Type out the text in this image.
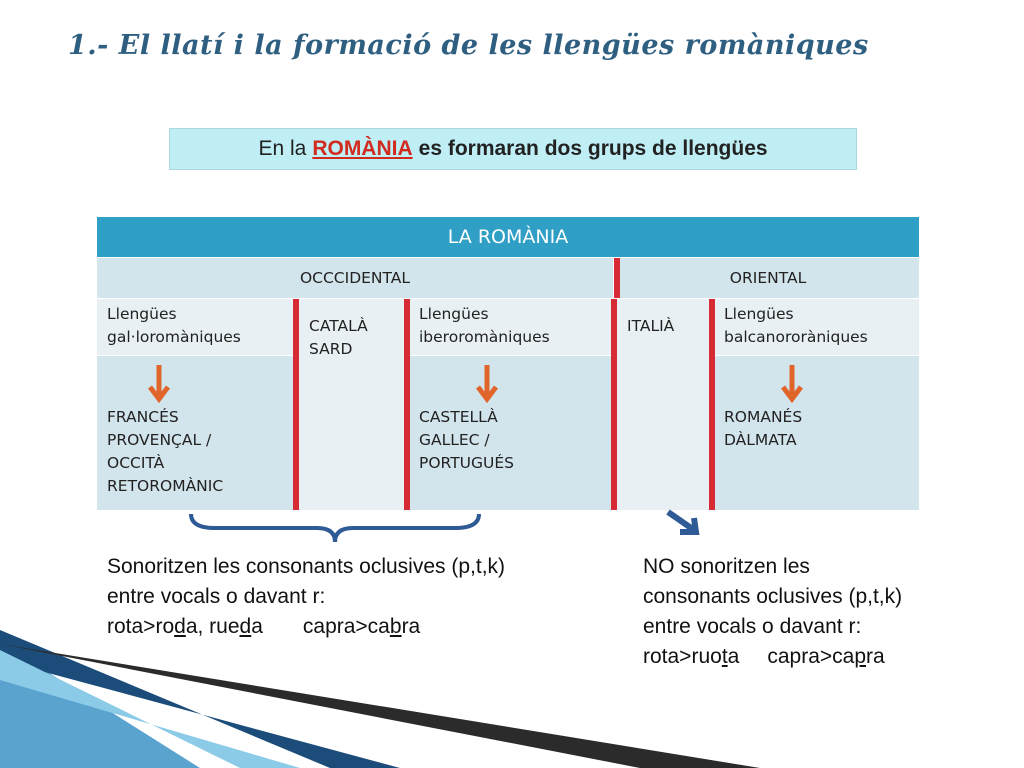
1.- El llatí i la formació de les llengües romàniques
En la ROMÀNIA es formaran dos grups de llengües
LA ROMÀNIA
OCCCIDENTAL	ORIENTAL
Llengües
gal·loromàniques
Llengües
iberoromàniques
Llengües
balcanororàniques
CATALÀ
SARD
ITALIÀ
FRANCÉS
PROVENÇAL /
OCCITÀ
RETOROMÀNIC
CASTELLÀ
GALLEC /
PORTUGUÉS
ROMANÉS
DÀLMATA
Sonoritzen les consonants oclusives (p,t,k)
entre vocals o davant r:
rota>roda, rueda capra>cabra
NO sonoritzen les
consonants oclusives (p,t,k)
entre vocals o davant r:
rota>ruota capra>capra
